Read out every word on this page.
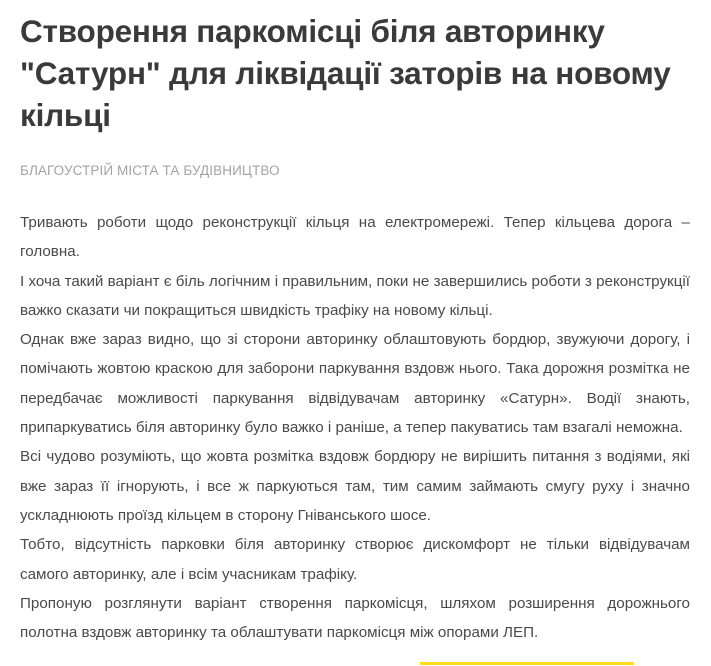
Створення паркомісці біля авторинку "Сатурн" для ліквідації заторів на новому кільці
БЛАГОУСТРІЙ МІСТА ТА БУДІВНИЦТВО

Тривають роботи щодо реконструкції кільця на електромережі. Тепер кільцева дорога – головна.

І хоча такий варіант є біль логічним і правильним, поки не завершились роботи з реконструкції важко сказати чи покращиться швидкість трафіку на новому кільці.

Однак вже зараз видно, що зі сторони авторинку облаштовують бордюр, звужуючи дорогу, і помічають жовтою краскою для заборони паркування вздовж нього. Така дорожня розмітка не передбачає можливості паркування відвідувачам авторинку «Сатурн». Водії знають, припаркуватись біля авторинку було важко і раніше, а тепер пакуватись там взагалі неможна.

Всі чудово розуміють, що жовта розмітка вздовж бордюру не вирішить питання з водіями, які вже зараз її ігнорують, і все ж паркуються там, тим самим займають смугу руху і значно ускладнюють проїзд кільцем в сторону Гніванського шосе.

Тобто, відсутність парковки біля авторинку створює дискомфорт не тільки відвідувачам самого авторинку, але і всім учасникам трафіку.

Пропоную розглянути варіант створення паркомісця, шляхом розширення дорожнього полотна вздовж авторинку та облаштувати паркомісця між опорами ЛЕП.
